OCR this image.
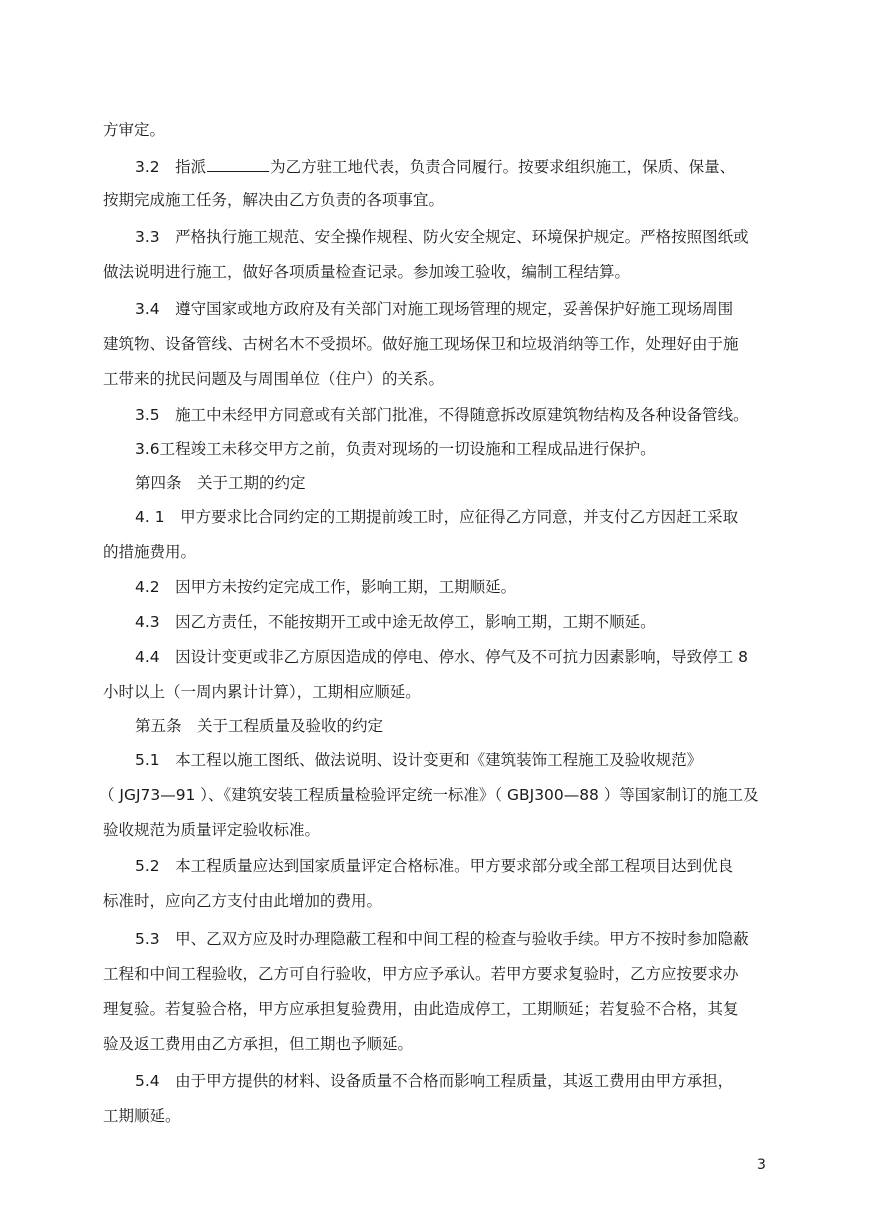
方审定。
3.2　指派	为乙方驻工地代表，负责合同履行。按要求组织施工，保质、保量、
按期完成施工任务，解决由乙方负责的各项事宜。
3.3　严格执行施工规范、安全操作规程、防火安全规定、环境保护规定。严格按照图纸或
做法说明进行施工，做好各项质量检查记录。参加竣工验收，编制工程结算。
3.4　遵守国家或地方政府及有关部门对施工现场管理的规定，妥善保护好施工现场周围
建筑物、设备管线、古树名木不受损坏。做好施工现场保卫和垃圾消纳等工作，处理好由于施
工带来的扰民问题及与周围单位（住户）的关系。
3.5　施工中未经甲方同意或有关部门批准，不得随意拆改原建筑物结构及各种设备管线。
3.6工程竣工未移交甲方之前，负责对现场的一切设施和工程成品进行保护。
第四条　关于工期的约定
4. 1　甲方要求比合同约定的工期提前竣工时，应征得乙方同意，并支付乙方因赶工采取
的措施费用。
4.2　因甲方未按约定完成工作，影响工期，工期顺延。
4.3　因乙方责任，不能按期开工或中途无故停工，影响工期，工期不顺延。
4.4　因设计变更或非乙方原因造成的停电、停水、停气及不可抗力因素影响，导致停工 8
小时以上（一周内累计计算），工期相应顺延。
第五条　关于工程质量及验收的约定
5.1　本工程以施工图纸、做法说明、设计变更和《建筑装饰工程施工及验收规范》
（ JGJ73—91 ）、《建筑安装工程质量检验评定统一标准》（ GBJ300—88 ）等国家制订的施工及
验收规范为质量评定验收标准。
5.2　本工程质量应达到国家质量评定合格标准。甲方要求部分或全部工程项目达到优良
标准时，应向乙方支付由此增加的费用。
5.3　甲、乙双方应及时办理隐蔽工程和中间工程的检查与验收手续。甲方不按时参加隐蔽
工程和中间工程验收，乙方可自行验收，甲方应予承认。若甲方要求复验时，乙方应按要求办
理复验。若复验合格，甲方应承担复验费用，由此造成停工，工期顺延；若复验不合格，其复
验及返工费用由乙方承担，但工期也予顺延。
5.4　由于甲方提供的材料、设备质量不合格而影响工程质量，其返工费用由甲方承担，
工期顺延。
3
